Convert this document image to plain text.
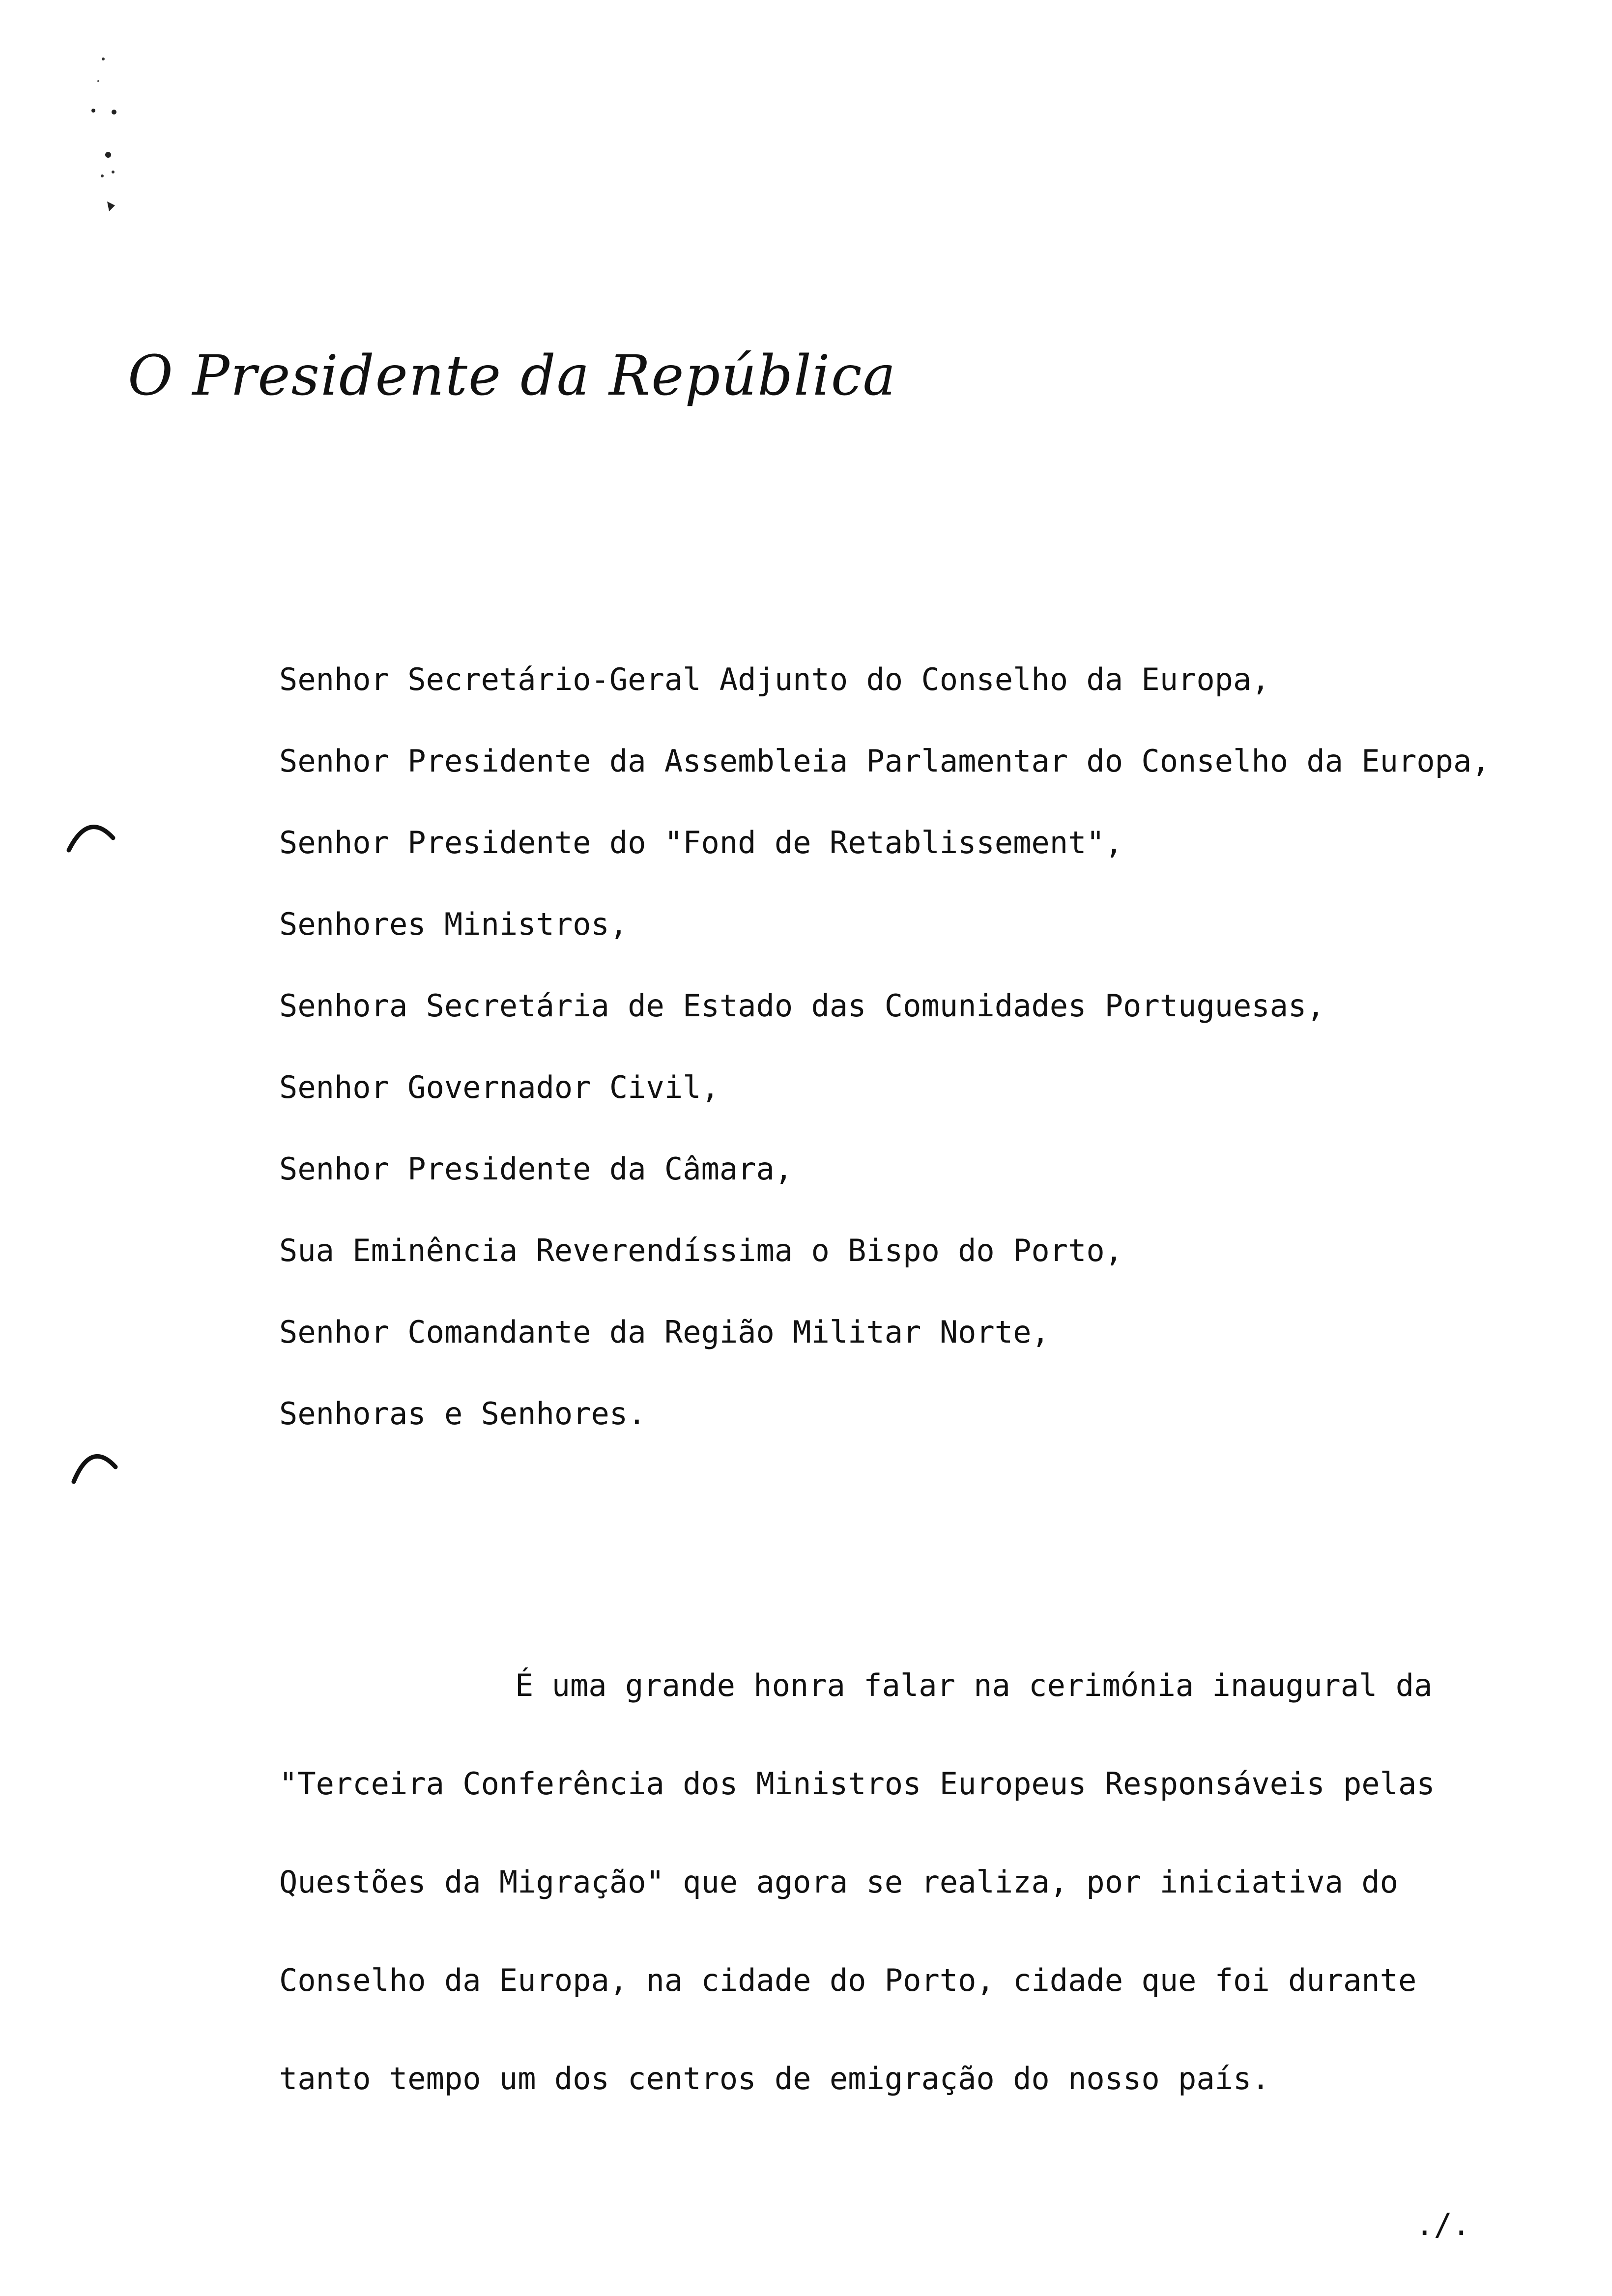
O Presidente da República
Senhor Secretário-Geral Adjunto do Conselho da Europa,
Senhor Presidente da Assembleia Parlamentar do Conselho da Europa,
Senhor Presidente do "Fond de Retablissement",
Senhores Ministros,
Senhora Secretária de Estado das Comunidades Portuguesas,
Senhor Governador Civil,
Senhor Presidente da Câmara,
Sua Eminência Reverendíssima o Bispo do Porto,
Senhor Comandante da Região Militar Norte,
Senhoras e Senhores.
É uma grande honra falar na cerimónia inaugural da
"Terceira Conferência dos Ministros Europeus Responsáveis pelas
Questões da Migração" que agora se realiza, por iniciativa do
Conselho da Europa, na cidade do Porto, cidade que foi durante
tanto tempo um dos centros de emigração do nosso país.
./.
